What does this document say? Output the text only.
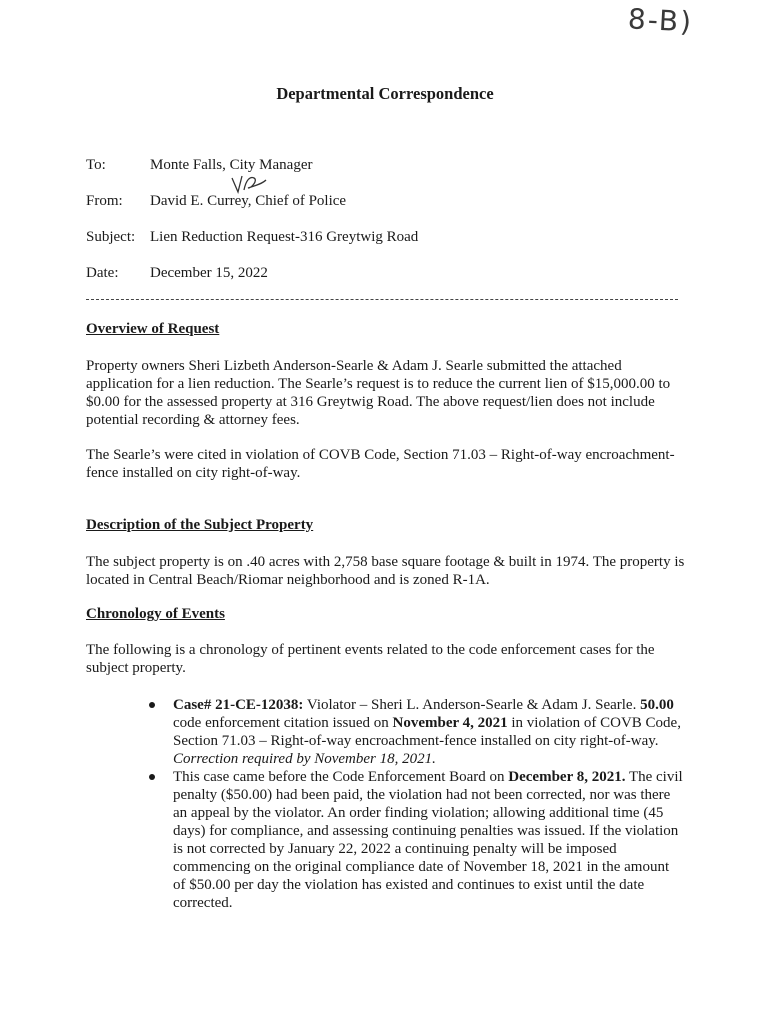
8-B)
Departmental Correspondence
To:	Monte Falls, City Manager
From: David E. Currey, Chief of Police
Subject: Lien Reduction Request-316 Greytwig Road
Date: December 15, 2022
Overview of Request

Property owners Sheri Lizbeth Anderson-Searle & Adam J. Searle submitted the attached application for a lien reduction. The Searle’s request is to reduce the current lien of $15,000.00 to $0.00 for the assessed property at 316 Greytwig Road. The above request/lien does not include potential recording & attorney fees.

The Searle’s were cited in violation of COVB Code, Section 71.03 – Right-of-way encroachment-fence installed on city right-of-way.

Description of the Subject Property

The subject property is on .40 acres with 2,758 base square footage & built in 1974. The property is located in Central Beach/Riomar neighborhood and is zoned R-1A.

Chronology of Events

The following is a chronology of pertinent events related to the code enforcement cases for the subject property.

Case# 21-CE-12038: Violator – Sheri L. Anderson-Searle & Adam J. Searle. 50.00 code enforcement citation issued on November 4, 2021 in violation of COVB Code, Section 71.03 – Right-of-way encroachment-fence installed on city right-of-way. Correction required by November 18, 2021.
This case came before the Code Enforcement Board on December 8, 2021. The civil penalty ($50.00) had been paid, the violation had not been corrected, nor was there an appeal by the violator. An order finding violation; allowing additional time (45 days) for compliance, and assessing continuing penalties was issued. If the violation is not corrected by January 22, 2022 a continuing penalty will be imposed commencing on the original compliance date of November 18, 2021 in the amount of $50.00 per day the violation has existed and continues to exist until the date corrected.
